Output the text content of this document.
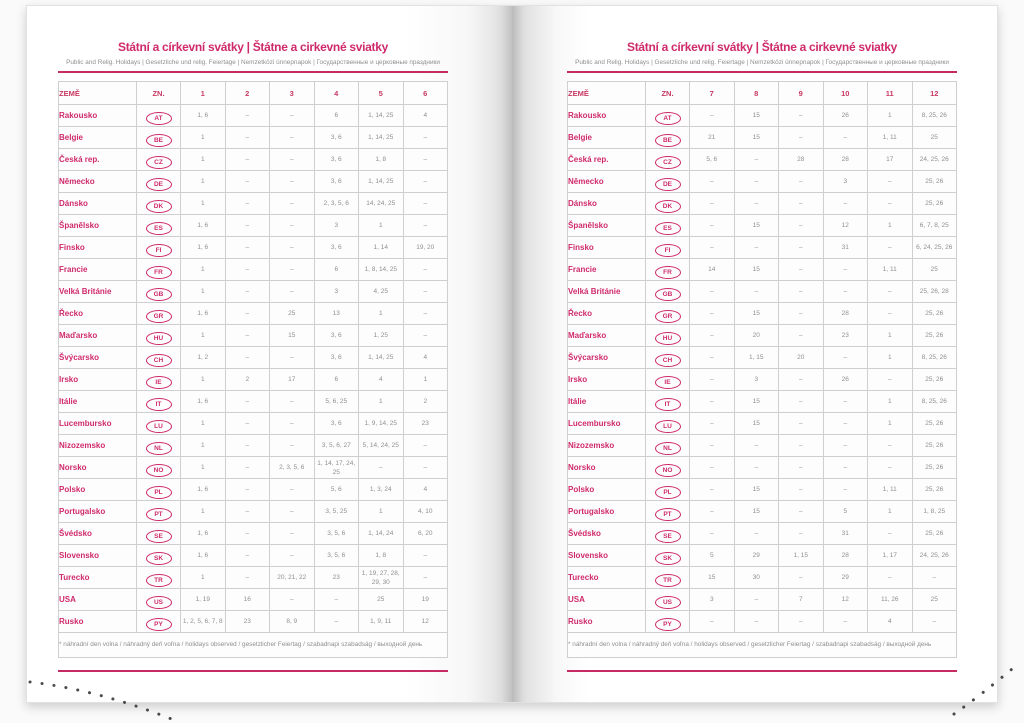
Státní a církevní svátky | Štátne a cirkevné sviatky
Public and Relig. Holidays | Gesetzliche und relig. Feiertage | Nemzetközi ünnepnapok | Государственные и церковные праздники
ZEMĚ	ZN.	1	2	3	4	5	6
Rakousko	AT	1, 6	–	–	6	1, 14, 25	4
Belgie	BE	1	–	–	3, 6	1, 14, 25	–
Česká rep.	CZ	1	–	–	3, 6	1, 8	–
Německo	DE	1	–	–	3, 6	1, 14, 25	–
Dánsko	DK	1	–	–	2, 3, 5, 6	14, 24, 25	–
Španělsko	ES	1, 6	–	–	3	1	–
Finsko	FI	1, 6	–	–	3, 6	1, 14	19, 20
Francie	FR	1	–	–	6	1, 8, 14, 25	–
Velká Británie	GB	1	–	–	3	4, 25	–
Řecko	GR	1, 6	–	25	13	1	–
Maďarsko	HU	1	–	15	3, 6	1, 25	–
Švýcarsko	CH	1, 2	–	–	3, 6	1, 14, 25	4
Irsko	IE	1	2	17	6	4	1
Itálie	IT	1, 6	–	–	5, 6, 25	1	2
Lucembursko	LU	1	–	–	3, 6	1, 9, 14, 25	23
Nizozemsko	NL	1	–	–	3, 5, 6, 27	5, 14, 24, 25	–
Norsko	NO	1	–	2, 3, 5, 6	1, 14, 17, 24, 25	–	–
Polsko	PL	1, 6	–	–	5, 6	1, 3, 24	4
Portugalsko	PT	1	–	–	3, 5, 25	1	4, 10
Švédsko	SE	1, 6	–	–	3, 5, 6	1, 14, 24	6, 20
Slovensko	SK	1, 6	–	–	3, 5, 6	1, 8	–
Turecko	TR	1	–	20, 21, 22	23	1, 19, 27, 28, 29, 30	–
USA	US	1, 19	16	–	–	25	19
Rusko	PY	1, 2, 5, 6, 7, 8	23	8, 9	–	1, 9, 11	12
* náhradní den volna / náhradný deň voľna / holidays observed / gesetzlicher Feiertag / szabadnapi szabadság / выходной день							
Státní a církevní svátky | Štátne a cirkevné sviatky
Public and Relig. Holidays | Gesetzliche und relig. Feiertage | Nemzetközi ünnepnapok | Государственные и церковные праздники
ZEMĚ	ZN.	7	8	9	10	11	12
Rakousko	AT	–	15	–	26	1	8, 25, 26
Belgie	BE	21	15	–	–	1, 11	25
Česká rep.	CZ	5, 6	–	28	28	17	24, 25, 26
Německo	DE	–	–	–	3	–	25, 26
Dánsko	DK	–	–	–	–	–	25, 26
Španělsko	ES	–	15	–	12	1	6, 7, 8, 25
Finsko	FI	–	–	–	31	–	6, 24, 25, 26
Francie	FR	14	15	–	–	1, 11	25
Velká Británie	GB	–	–	–	–	–	25, 26, 28
Řecko	GR	–	15	–	28	–	25, 26
Maďarsko	HU	–	20	–	23	1	25, 26
Švýcarsko	CH	–	1, 15	20	–	1	8, 25, 26
Irsko	IE	–	3	–	26	–	25, 26
Itálie	IT	–	15	–	–	1	8, 25, 26
Lucembursko	LU	–	15	–	–	1	25, 26
Nizozemsko	NL	–	–	–	–	–	25, 26
Norsko	NO	–	–	–	–	–	25, 26
Polsko	PL	–	15	–	–	1, 11	25, 26
Portugalsko	PT	–	15	–	5	1	1, 8, 25
Švédsko	SE	–	–	–	31	–	25, 26
Slovensko	SK	5	29	1, 15	28	1, 17	24, 25, 26
Turecko	TR	15	30	–	29	–	–
USA	US	3	–	7	12	11, 26	25
Rusko	PY	–	–	–	–	4	–
* náhradní den volna / náhradný deň voľna / holidays observed / gesetzlicher Feiertag / szabadnapi szabadság / выходной день							
